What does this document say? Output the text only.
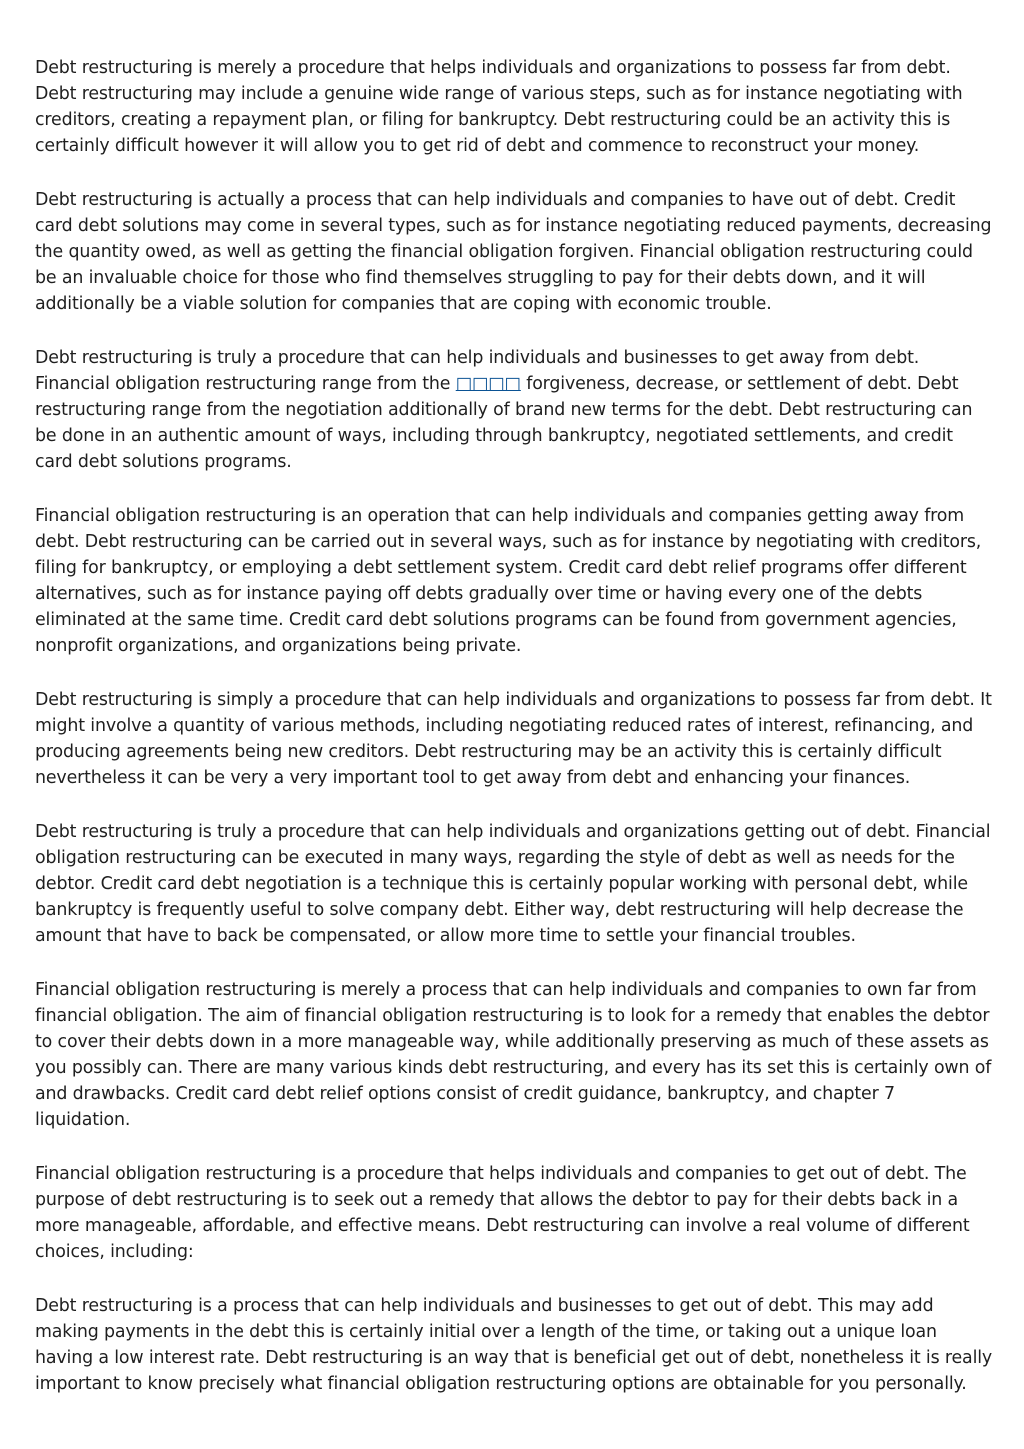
Debt restructuring is merely a procedure that helps individuals and organizations to possess far from debt. Debt restructuring may include a genuine wide range of various steps, such as for instance negotiating with creditors, creating a repayment plan, or filing for bankruptcy. Debt restructuring could be an activity this is certainly difficult however it will allow you to get rid of debt and commence to reconstruct your money.

Debt restructuring is actually a process that can help individuals and companies to have out of debt. Credit card debt solutions may come in several types, such as for instance negotiating reduced payments, decreasing the quantity owed, as well as getting the financial obligation forgiven. Financial obligation restructuring could be an invaluable choice for those who find themselves struggling to pay for their debts down, and it will additionally be a viable solution for companies that are coping with economic trouble.

Debt restructuring is truly a procedure that can help individuals and businesses to get away from debt. Financial obligation restructuring range from the □□□□ forgiveness, decrease, or settlement of debt. Debt restructuring range from the negotiation additionally of brand new terms for the debt. Debt restructuring can be done in an authentic amount of ways, including through bankruptcy, negotiated settlements, and credit card debt solutions programs.

Financial obligation restructuring is an operation that can help individuals and companies getting away from debt. Debt restructuring can be carried out in several ways, such as for instance by negotiating with creditors, filing for bankruptcy, or employing a debt settlement system. Credit card debt relief programs offer different alternatives, such as for instance paying off debts gradually over time or having every one of the debts eliminated at the same time. Credit card debt solutions programs can be found from government agencies, nonprofit organizations, and organizations being private.

Debt restructuring is simply a procedure that can help individuals and organizations to possess far from debt. It might involve a quantity of various methods, including negotiating reduced rates of interest, refinancing, and producing agreements being new creditors. Debt restructuring may be an activity this is certainly difficult nevertheless it can be very a very important tool to get away from debt and enhancing your finances.

Debt restructuring is truly a procedure that can help individuals and organizations getting out of debt. Financial obligation restructuring can be executed in many ways, regarding the style of debt as well as needs for the debtor. Credit card debt negotiation is a technique this is certainly popular working with personal debt, while bankruptcy is frequently useful to solve company debt. Either way, debt restructuring will help decrease the amount that have to back be compensated, or allow more time to settle your financial troubles.

Financial obligation restructuring is merely a process that can help individuals and companies to own far from financial obligation. The aim of financial obligation restructuring is to look for a remedy that enables the debtor to cover their debts down in a more manageable way, while additionally preserving as much of these assets as you possibly can. There are many various kinds debt restructuring, and every has its set this is certainly own of and drawbacks. Credit card debt relief options consist of credit guidance, bankruptcy, and chapter 7 liquidation.

Financial obligation restructuring is a procedure that helps individuals and companies to get out of debt. The purpose of debt restructuring is to seek out a remedy that allows the debtor to pay for their debts back in a more manageable, affordable, and effective means. Debt restructuring can involve a real volume of different choices, including:

Debt restructuring is a process that can help individuals and businesses to get out of debt. This may add making payments in the debt this is certainly initial over a length of the time, or taking out a unique loan having a low interest rate. Debt restructuring is an way that is beneficial get out of debt, nonetheless it is really important to know precisely what financial obligation restructuring options are obtainable for you personally.
